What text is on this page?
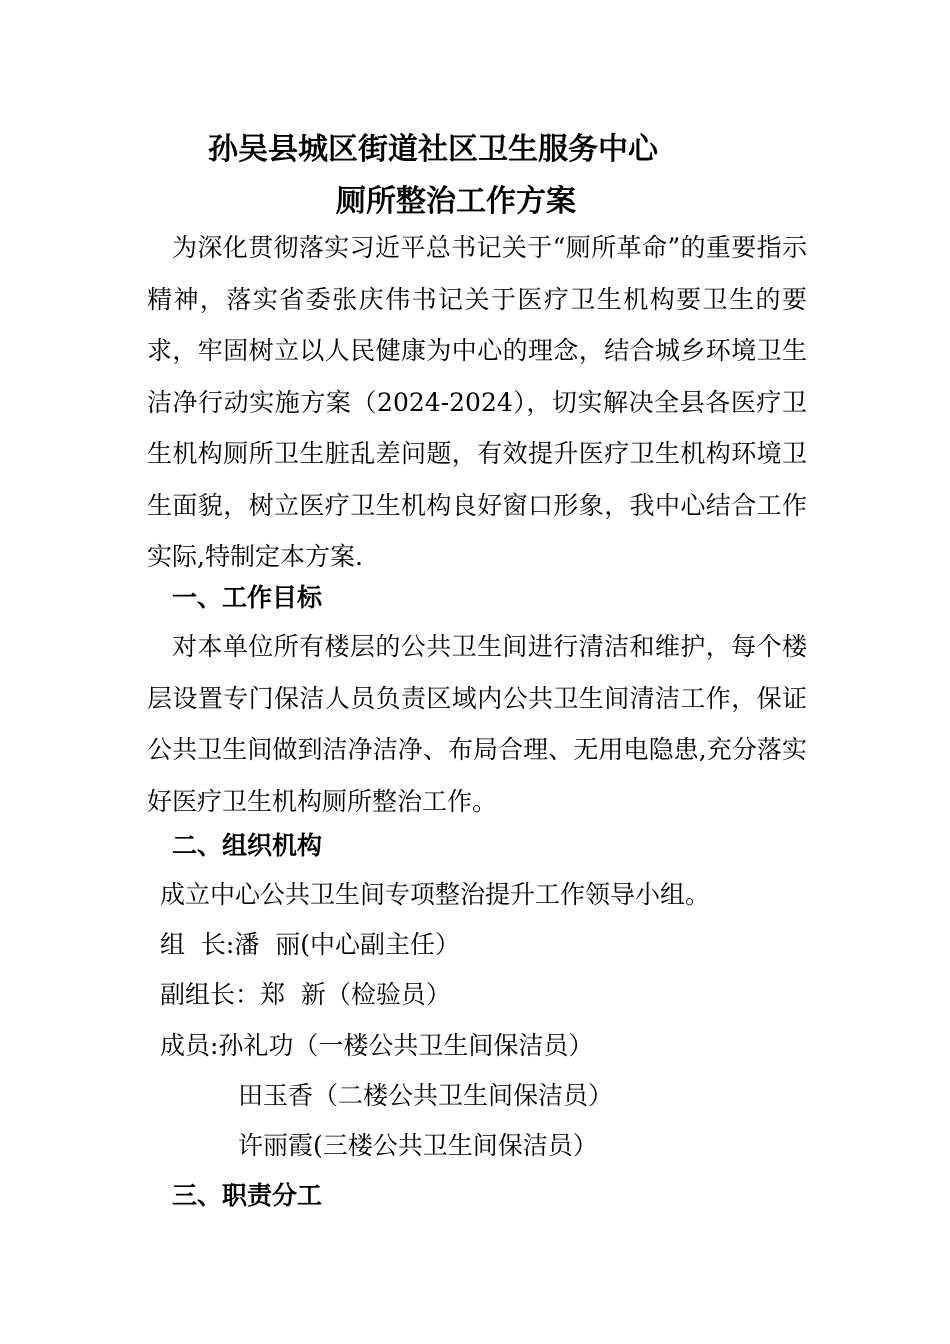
孙吴县城区街道社区卫生服务中心
厕所整治工作方案

为深化贯彻落实习近平总书记关于“厕所革命”的重要指示精神，落实省委张庆伟书记关于医疗卫生机构要卫生的要求，牢固树立以人民健康为中心的理念，结合城乡环境卫生洁净行动实施方案（2024-2024），切实解决全县各医疗卫生机构厕所卫生脏乱差问题，有效提升医疗卫生机构环境卫生面貌，树立医疗卫生机构良好窗口形象，我中心结合工作实际,特制定本方案.

一、工作目标

对本单位所有楼层的公共卫生间进行清洁和维护，每个楼层设置专门保洁人员负责区域内公共卫生间清洁工作，保证公共卫生间做到洁净洁净、布局合理、无用电隐患,充分落实好医疗卫生机构厕所整治工作。

二、组织机构
成立中心公共卫生间专项整治提升工作领导小组。
组  长:潘  丽(中心副主任）
副组长：郑  新（检验员）
成员:孙礼功（一楼公共卫生间保洁员）
田玉香（二楼公共卫生间保洁员）
许丽霞(三楼公共卫生间保洁员）
三、职责分工
